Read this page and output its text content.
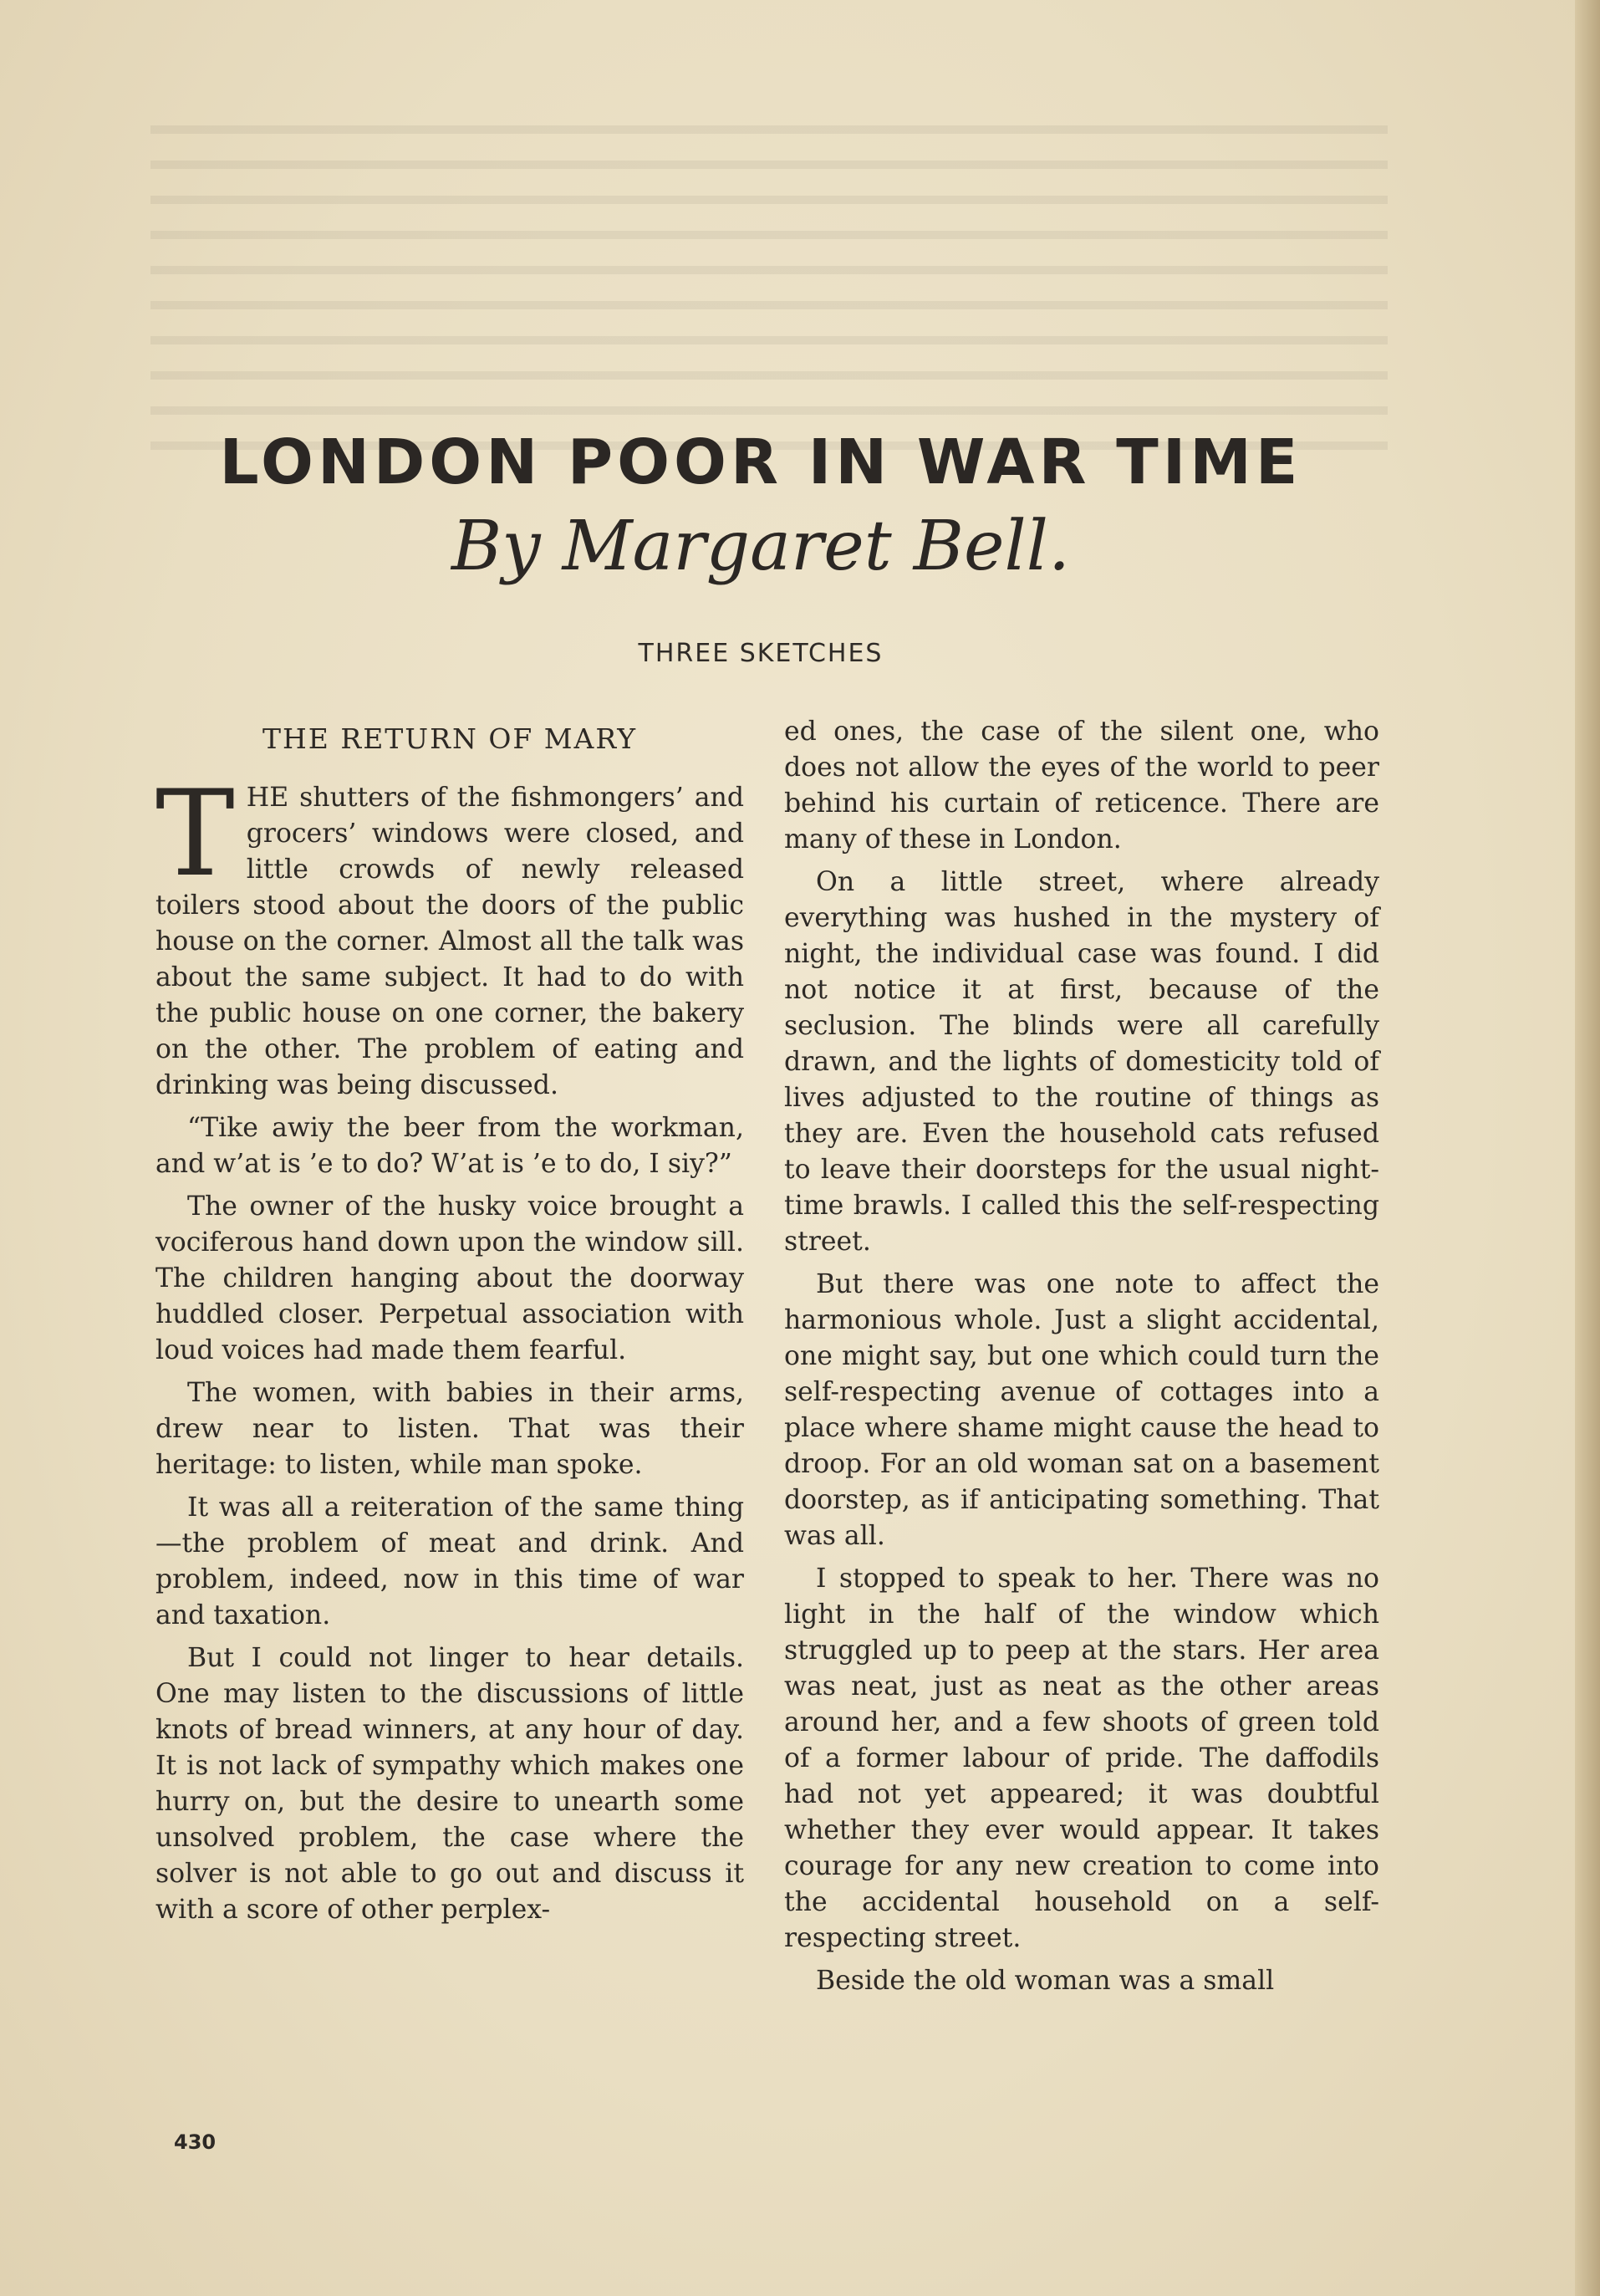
LONDON POOR IN WAR TIME
By Margaret Bell.
THREE SKETCHES
THE RETURN OF MARY

THE shutters of the fishmongers’ and grocers’ windows were closed, and little crowds of newly released toilers stood about the doors of the public house on the corner. Almost all the talk was about the same subject. It had to do with the public house on one corner, the bakery on the other. The problem of eating and drinking was being discussed.

“Tike awiy the beer from the workman, and w’at is ’e to do? W’at is ’e to do, I siy?”

The owner of the husky voice brought a vociferous hand down upon the window sill. The children hanging about the doorway huddled closer. Perpetual association with loud voices had made them fearful.

The women, with babies in their arms, drew near to listen. That was their heritage: to listen, while man spoke.

It was all a reiteration of the same thing—the problem of meat and drink. And problem, indeed, now in this time of war and taxation.

But I could not linger to hear details. One may listen to the discussions of little knots of bread winners, at any hour of day. It is not lack of sympathy which makes one hurry on, but the desire to unearth some unsolved problem, the case where the solver is not able to go out and discuss it with a score of other perplex-

ed ones, the case of the silent one, who does not allow the eyes of the world to peer behind his curtain of reticence. There are many of these in London.

On a little street, where already everything was hushed in the mystery of night, the individual case was found. I did not notice it at first, because of the seclusion. The blinds were all carefully drawn, and the lights of domesticity told of lives adjusted to the routine of things as they are. Even the household cats refused to leave their doorsteps for the usual night-time brawls. I called this the self-respecting street.

But there was one note to affect the harmonious whole. Just a slight accidental, one might say, but one which could turn the self-respecting avenue of cottages into a place where shame might cause the head to droop. For an old woman sat on a basement doorstep, as if anticipating something. That was all.

I stopped to speak to her. There was no light in the half of the window which struggled up to peep at the stars. Her area was neat, just as neat as the other areas around her, and a few shoots of green told of a former labour of pride. The daffodils had not yet appeared; it was doubtful whether they ever would appear. It takes courage for any new creation to come into the accidental household on a self-respecting street.

Beside the old woman was a small

430
